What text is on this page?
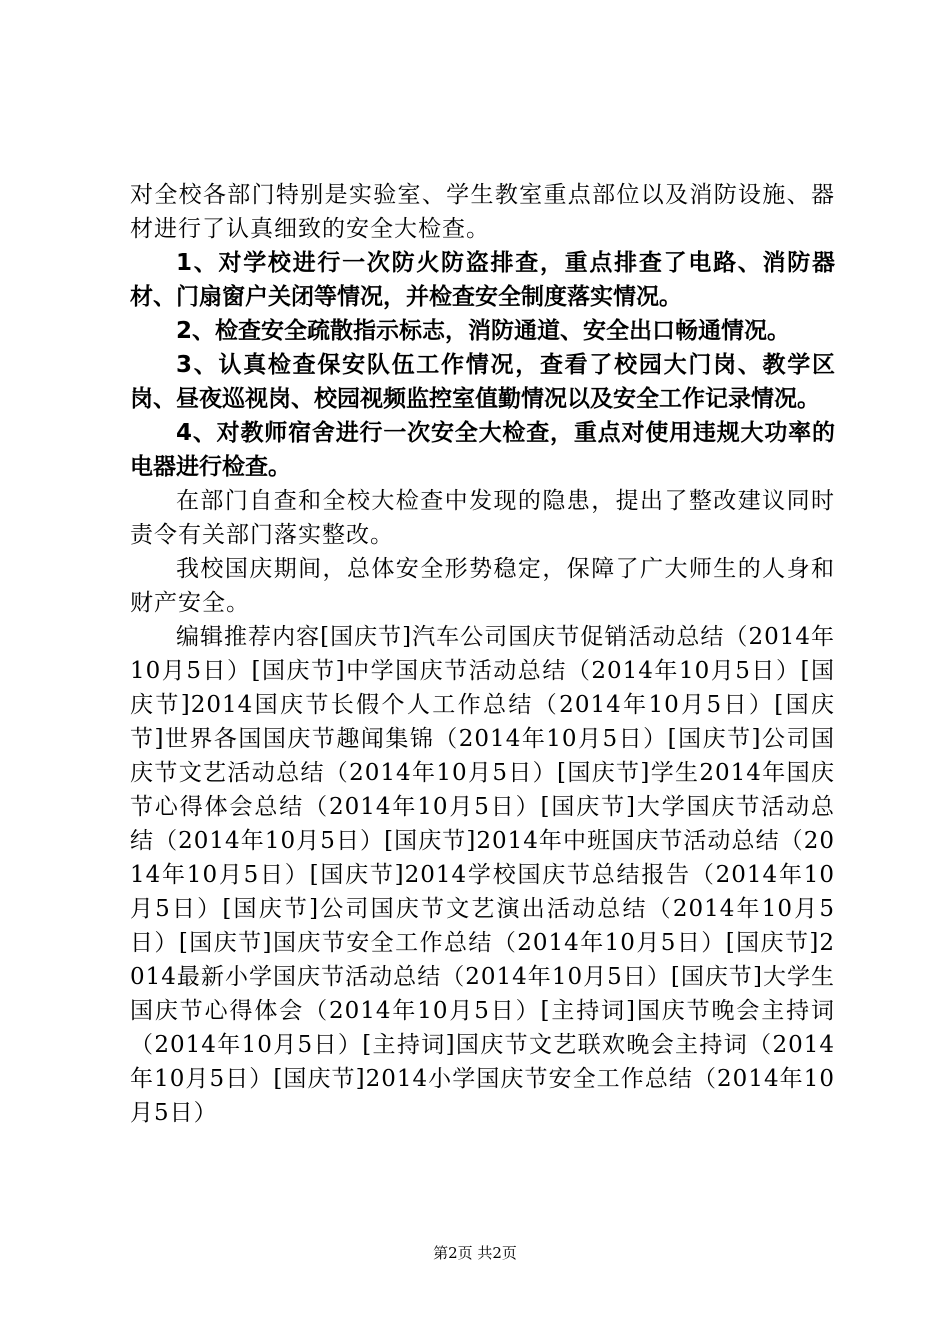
对全校各部门特别是实验室、学生教室重点部位以及消防设施、器材进行了认真细致的安全大检查。

1、对学校进行一次防火防盗排查，重点排查了电路、消防器材、门扇窗户关闭等情况，并检查安全制度落实情况。

2、检查安全疏散指示标志，消防通道、安全出口畅通情况。

3、认真检查保安队伍工作情况，查看了校园大门岗、教学区岗、昼夜巡视岗、校园视频监控室值勤情况以及安全工作记录情况。

4、对教师宿舍进行一次安全大检查，重点对使用违规大功率的电器进行检查。

在部门自查和全校大检查中发现的隐患，提出了整改建议同时责令有关部门落实整改。

我校国庆期间，总体安全形势稳定，保障了广大师生的人身和财产安全。

编辑推荐内容[国庆节]汽车公司国庆节促销活动总结（2014年10月5日）[国庆节]中学国庆节活动总结（2014年10月5日）[国庆节]2014国庆节长假个人工作总结（2014年10月5日）[国庆节]世界各国国庆节趣闻集锦（2014年10月5日）[国庆节]公司国庆节文艺活动总结（2014年10月5日）[国庆节]学生2014年国庆节心得体会总结（2014年10月5日）[国庆节]大学国庆节活动总结（2014年10月5日）[国庆节]2014年中班国庆节活动总结（2014年10月5日）[国庆节]2014学校国庆节总结报告（2014年10月5日）[国庆节]公司国庆节文艺演出活动总结（2014年10月5日）[国庆节]国庆节安全工作总结（2014年10月5日）[国庆节]2014最新小学国庆节活动总结（2014年10月5日）[国庆节]大学生国庆节心得体会（2014年10月5日）[主持词]国庆节晚会主持词（2014年10月5日）[主持词]国庆节文艺联欢晚会主持词（2014年10月5日）[国庆节]2014小学国庆节安全工作总结（2014年10月5日）

第2页 共2页
